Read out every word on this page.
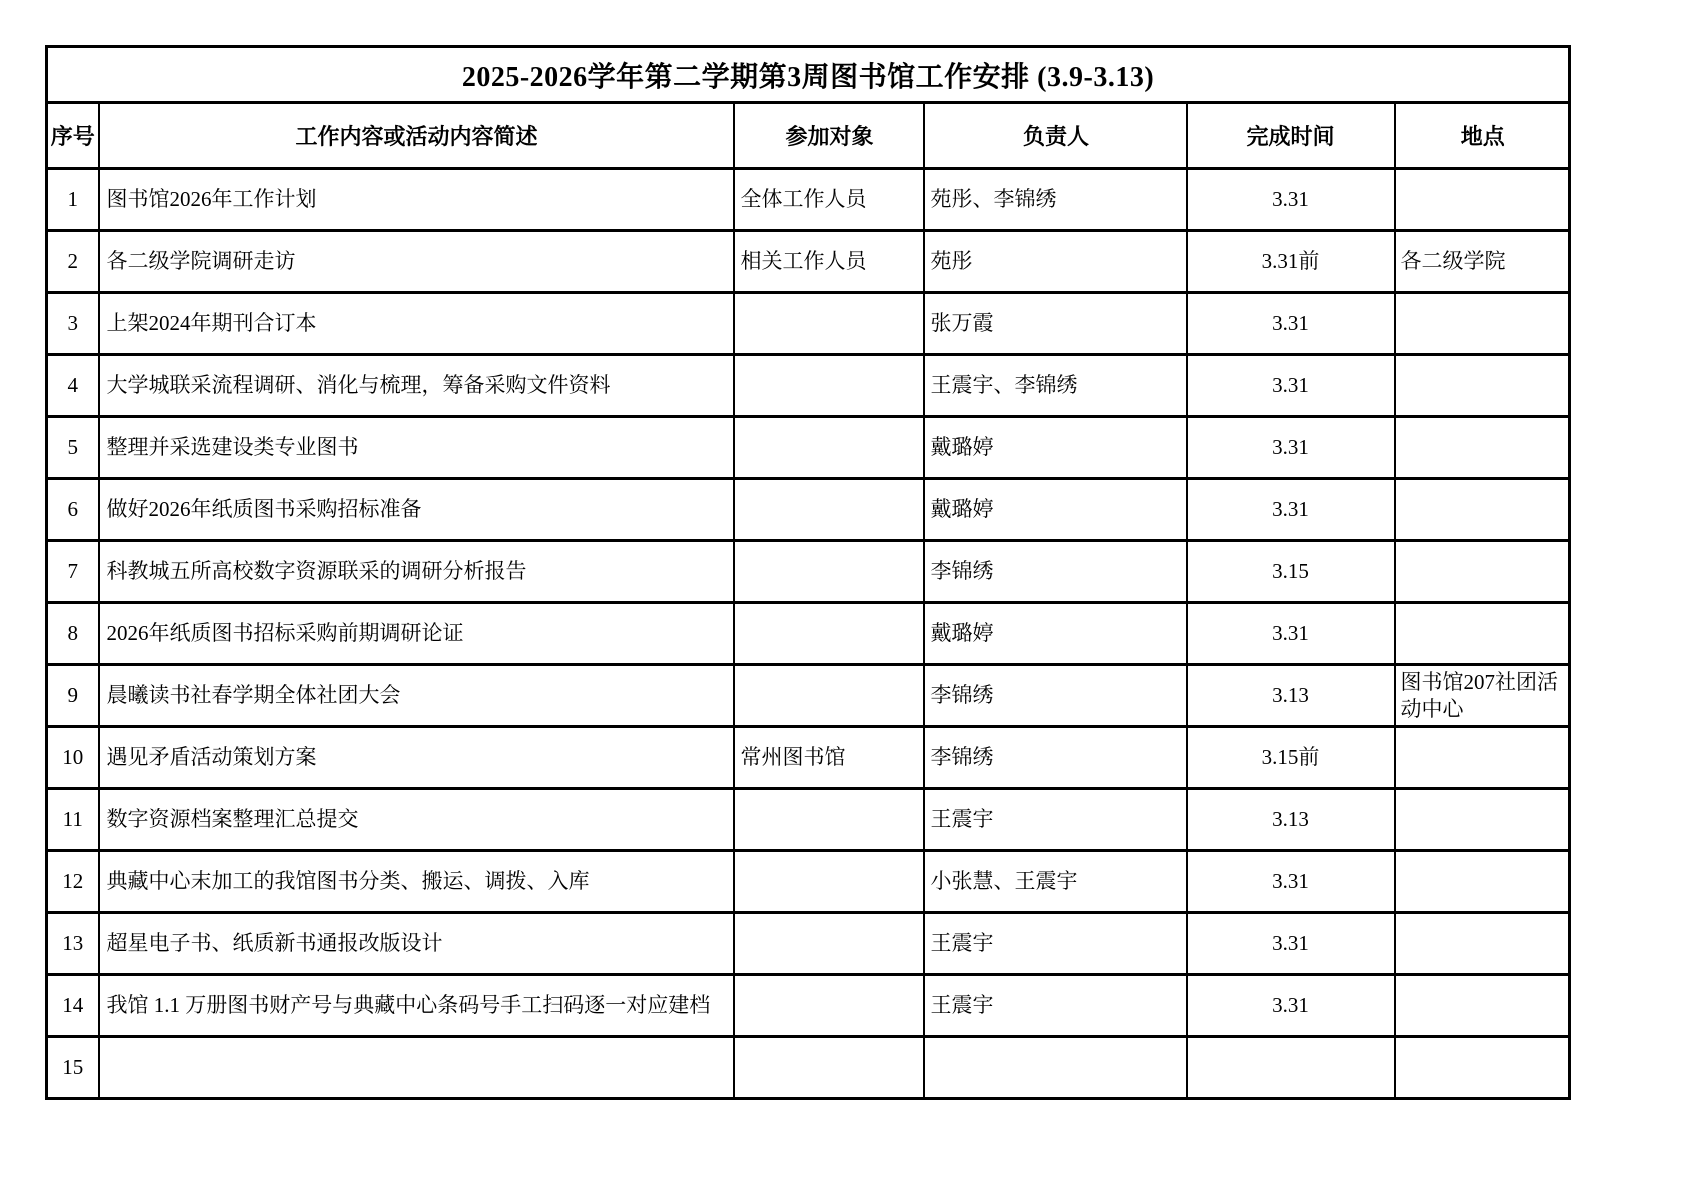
2025-2026学年第二学期第3周图书馆工作安排 (3.9-3.13)					
序号	工作内容或活动内容简述	参加对象	负责人	完成时间	地点
1	图书馆2026年工作计划	全体工作人员	苑彤、李锦绣	3.31	
2	各二级学院调研走访	相关工作人员	苑彤	3.31前	各二级学院
3	上架2024年期刊合订本		张万霞	3.31	
4	大学城联采流程调研、消化与梳理，筹备采购文件资料		王震宇、李锦绣	3.31	
5	整理并采选建设类专业图书		戴璐婷	3.31	
6	做好2026年纸质图书采购招标准备		戴璐婷	3.31	
7	科教城五所高校数字资源联采的调研分析报告		李锦绣	3.15	
8	2026年纸质图书招标采购前期调研论证		戴璐婷	3.31	
9	晨曦读书社春学期全体社团大会		李锦绣	3.13	图书馆207社团活动中心
10	遇见矛盾活动策划方案	常州图书馆	李锦绣	3.15前	
11	数字资源档案整理汇总提交		王震宇	3.13	
12	典藏中心末加工的我馆图书分类、搬运、调拨、入库		小张慧、王震宇	3.31	
13	超星电子书、纸质新书通报改版设计		王震宇	3.31	
14	我馆 1.1 万册图书财产号与典藏中心条码号手工扫码逐一对应建档		王震宇	3.31	
15					
